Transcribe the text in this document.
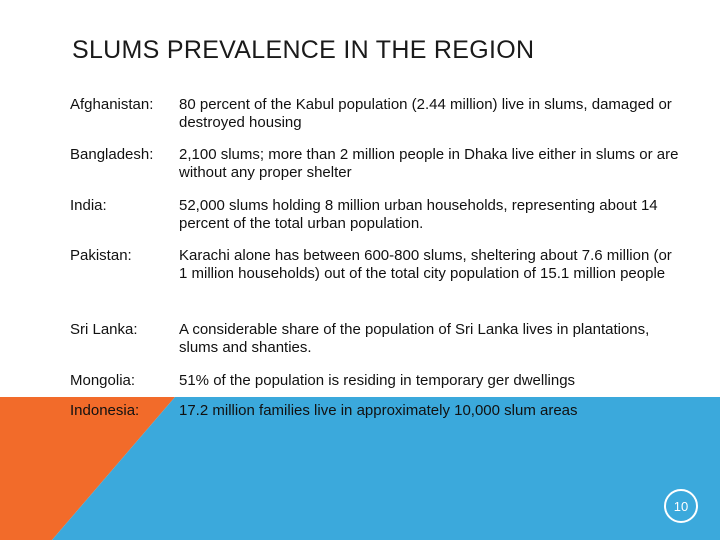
SLUMS PREVALENCE IN THE REGION
Afghanistan: 80 percent of the Kabul population (2.44 million) live in slums, damaged or destroyed housing
Bangladesh: 2,100 slums; more than 2 million people in Dhaka live either in slums or are without any proper shelter
India:	52,000 slums holding 8 million urban households, representing about 14 percent of the total urban population.
Pakistan:	Karachi alone has between 600-800 slums, sheltering about 7.6 million (or 1 million households) out of the total city population of 15.1 million people
Sri Lanka:	A considerable share of the population of Sri Lanka lives in plantations, slums and shanties.
Mongolia:	51% of the population is residing in temporary ger dwellings
Indonesia:	17.2 million families live in approximately 10,000 slum areas
10
